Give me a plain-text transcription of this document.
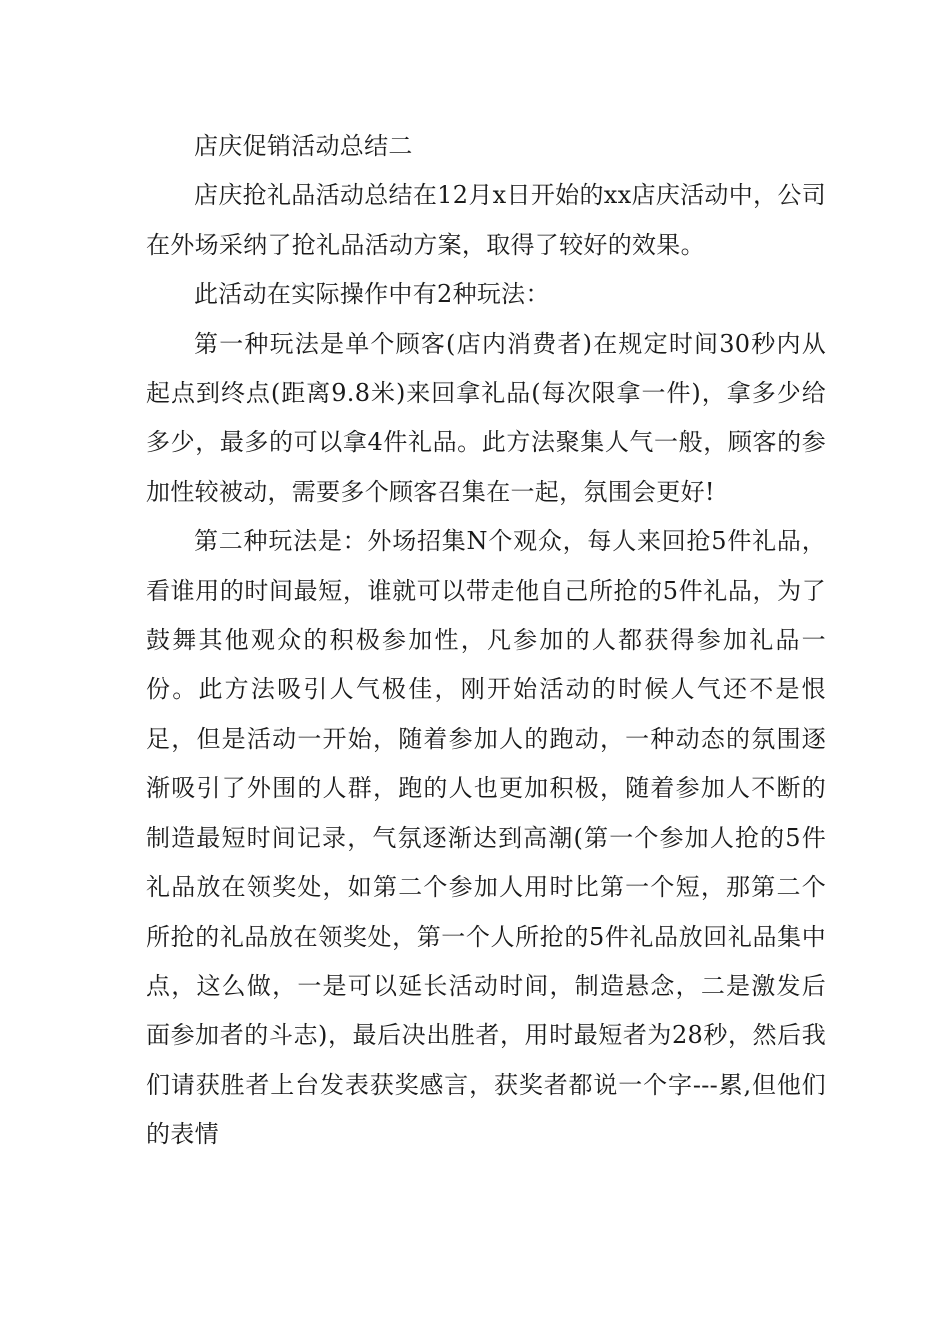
店庆促销活动总结二

店庆抢礼品活动总结在12月x日开始的xx店庆活动中，公司在外场采纳了抢礼品活动方案，取得了较好的效果。

此活动在实际操作中有2种玩法：

第一种玩法是单个顾客(店内消费者)在规定时间30秒内从起点到终点(距离9.8米)来回拿礼品(每次限拿一件)，拿多少给多少，最多的可以拿4件礼品。此方法聚集人气一般，顾客的参加性较被动，需要多个顾客召集在一起，氛围会更好!

第二种玩法是：外场招集N个观众，每人来回抢5件礼品，看谁用的时间最短，谁就可以带走他自己所抢的5件礼品，为了鼓舞其他观众的积极参加性，凡参加的人都获得参加礼品一份。此方法吸引人气极佳，刚开始活动的时候人气还不是恨足，但是活动一开始，随着参加人的跑动，一种动态的氛围逐渐吸引了外围的人群，跑的人也更加积极，随着参加人不断的制造最短时间记录，气氛逐渐达到高潮(第一个参加人抢的5件礼品放在领奖处，如第二个参加人用时比第一个短，那第二个所抢的礼品放在领奖处，第一个人所抢的5件礼品放回礼品集中点，这么做，一是可以延长活动时间，制造悬念，二是激发后面参加者的斗志)，最后决出胜者，用时最短者为28秒，然后我们请获胜者上台发表获奖感言，获奖者都说一个字---累,但他们的表情
